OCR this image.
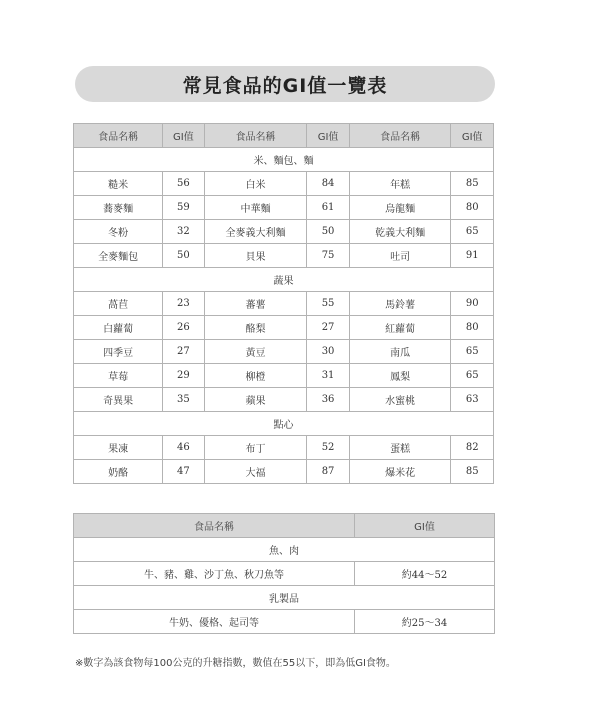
常見食品的GI值一覽表
食品名稱	GI值	食品名稱	GI值	食品名稱	GI值
米、麵包、麵					
糙米	56	白米	84	年糕	85
蕎麥麵	59	中華麵	61	烏龍麵	80
冬粉	32	全麥義大利麵	50	乾義大利麵	65
全麥麵包	50	貝果	75	吐司	91
蔬果					
萵苣	23	蕃薯	55	馬鈴薯	90
白蘿蔔	26	酪梨	27	紅蘿蔔	80
四季豆	27	黃豆	30	南瓜	65
草莓	29	柳橙	31	鳳梨	65
奇異果	35	蘋果	36	水蜜桃	63
點心					
果凍	46	布丁	52	蛋糕	82
奶酪	47	大福	87	爆米花	85
食品名稱	GI值
魚、肉	
牛、豬、雞、沙丁魚、秋刀魚等	約44～52
乳製品	
牛奶、優格、起司等	約25～34
※數字為該食物每100公克的升糖指數，數值在55以下，即為低GI食物。
